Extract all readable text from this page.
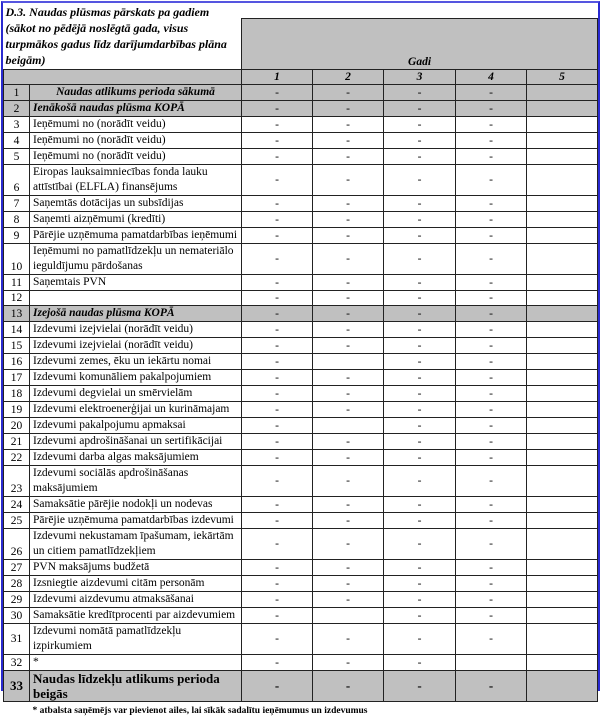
D.3. Naudas plūsmas pārskats pa gadiem (sākot no pēdējā noslēgtā gada, visus turpmākos gadus līdz darījumdarbības plāna beigām)						
		Gadi				
		1	2	3	4	5
1	Naudas atlikums perioda sākumā	-	-	-	-	
2	Ienākošā naudas plūsma KOPĀ	-	-	-	-	
3	Ieņēmumi no (norādīt veidu)	-	-	-	-	
4	Ieņēmumi no (norādīt veidu)	-	-	-	-	
5	Ieņēmumi no (norādīt veidu)	-	-	-	-	
6	Eiropas lauksaimniecības fonda lauku attīstībai (ELFLA) finansējums	-	-	-	-	
7	Saņemtās dotācijas un subsīdijas	-	-	-	-	
8	Saņemti aizņēmumi (kredīti)	-	-	-	-	
9	Pārējie uzņēmuma pamatdarbības ieņēmumi	-	-	-	-	
10	Ieņēmumi no pamatlīdzekļu un nemateriālo ieguldījumu pārdošanas	-	-	-	-	
11	Saņemtais PVN	-	-	-	-	
12		-	-	-	-	
13	Izejošā naudas plūsma KOPĀ	-	-	-	-	
14	Izdevumi izejvielai (norādīt veidu)	-	-	-	-	
15	Izdevumi izejvielai (norādīt veidu)	-	-	-	-	
16	Izdevumi zemes, ēku un iekārtu nomai	-		-	-	
17	Izdevumi komunāliem pakalpojumiem	-	-	-	-	
18	Izdevumi degvielai un smērvielām	-	-	-	-	
19	Izdevumi elektroenerģijai un kurināmajam	-	-	-	-	
20	Izdevumi pakalpojumu apmaksai	-		-	-	
21	Izdevumi apdrošināšanai un sertifikācijai	-	-	-	-	
22	Izdevumi darba algas maksājumiem	-	-	-	-	
23	Izdevumi sociālās apdrošināšanas maksājumiem	-	-	-	-	
24	Samaksātie pārējie nodokļi un nodevas	-	-	-	-	
25	Pārējie uzņēmuma pamatdarbības izdevumi	-	-	-	-	
26	Izdevumi nekustamam īpašumam, iekārtām un citiem pamatlīdzekļiem	-	-	-	-	
27	PVN maksājums budžetā	-	-	-	-	
28	Izsniegtie aizdevumi citām personām	-	-	-	-	
29	Izdevumi aizdevumu atmaksāšanai	-	-	-	-	
30	Samaksātie kredītprocenti par aizdevumiem	-		-	-	
31	Izdevumi nomātā pamatlīdzekļu izpirkumiem	-	-	-	-	
32	*	-	-	-		
33	Naudas līdzekļu atlikums perioda beigās	-	-	-	-	
	* atbalsta saņēmējs var pievienot ailes, lai sīkāk sadalītu ieņēmumus un izdevumus					
